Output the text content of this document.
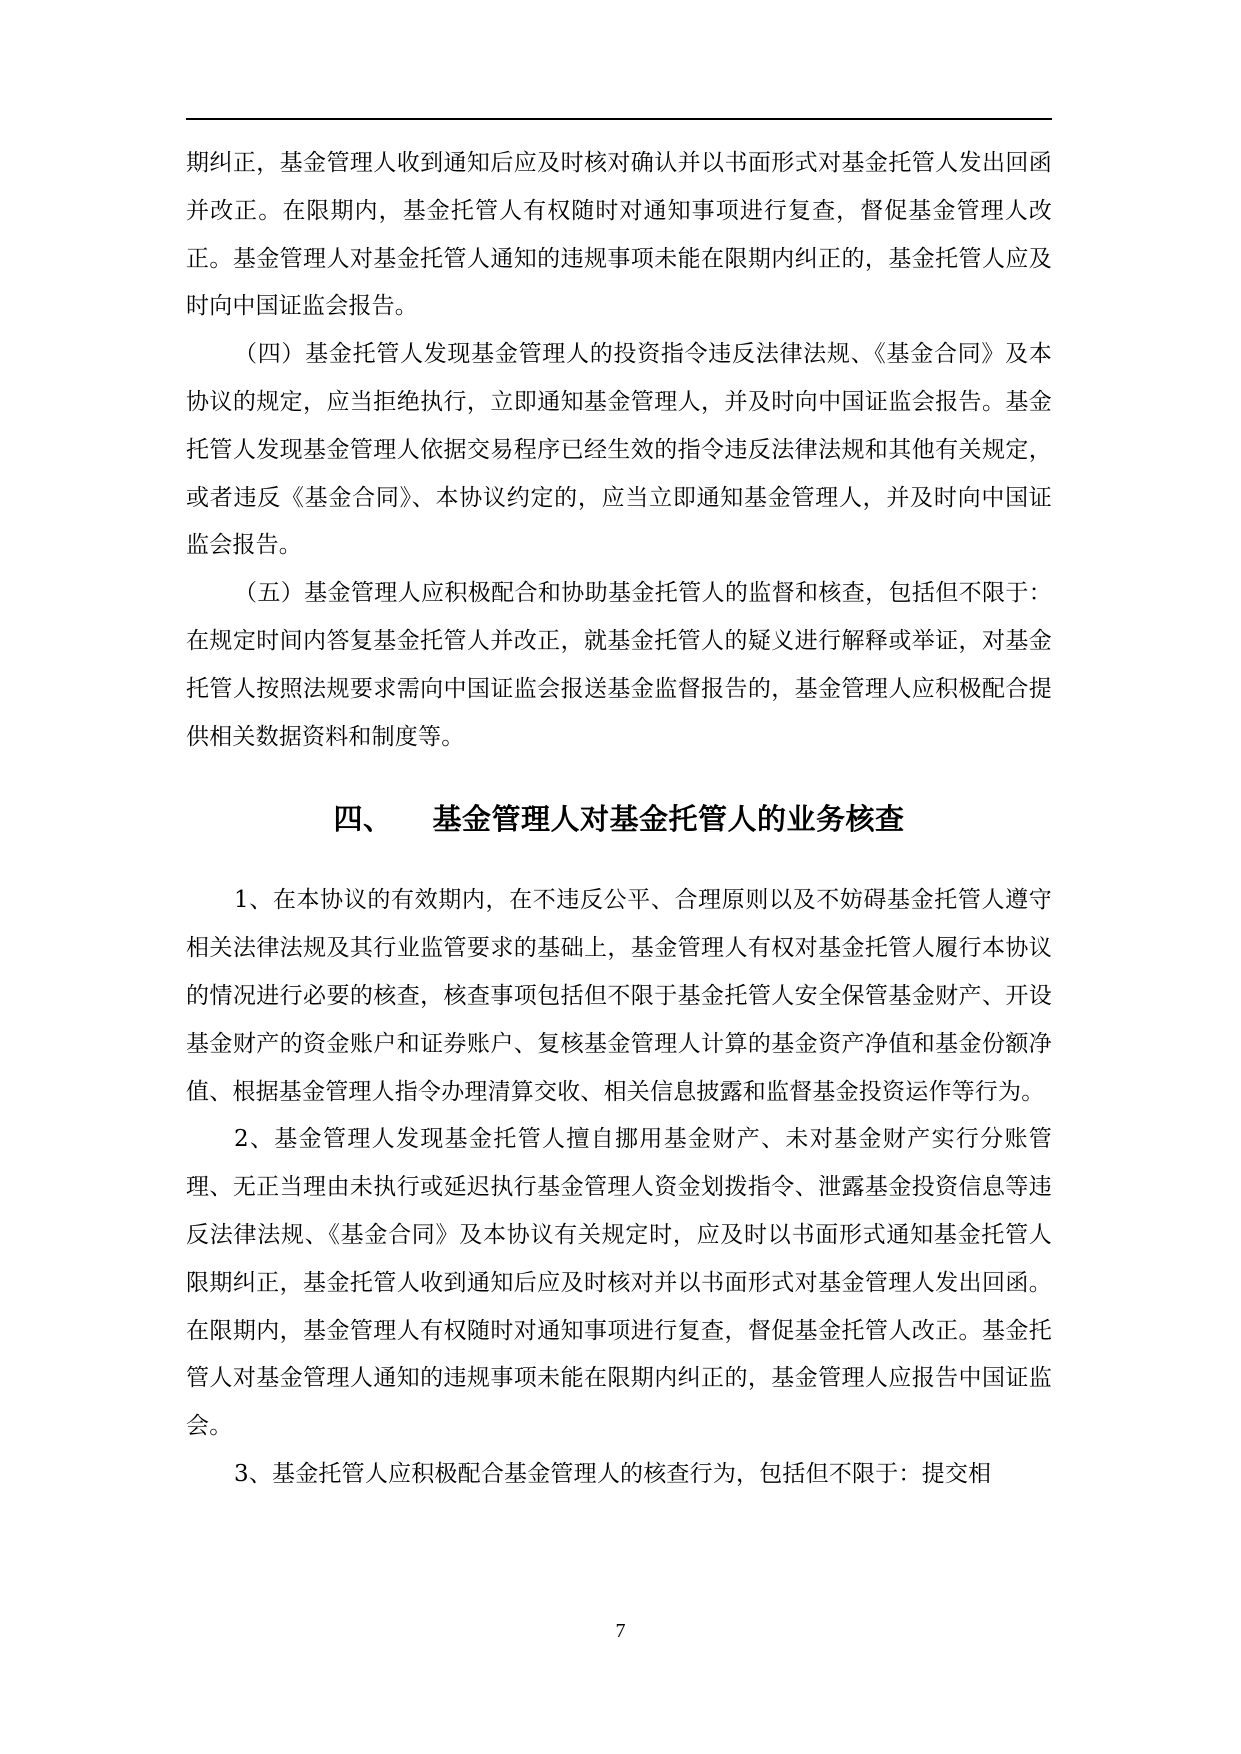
期纠正，基金管理人收到通知后应及时核对确认并以书面形式对基金托管人发出回函并改正。在限期内，基金托管人有权随时对通知事项进行复查，督促基金管理人改正。基金管理人对基金托管人通知的违规事项未能在限期内纠正的，基金托管人应及时向中国证监会报告。

（四）基金托管人发现基金管理人的投资指令违反法律法规、《基金合同》及本协议的规定，应当拒绝执行，立即通知基金管理人，并及时向中国证监会报告。基金托管人发现基金管理人依据交易程序已经生效的指令违反法律法规和其他有关规定，或者违反《基金合同》、本协议约定的，应当立即通知基金管理人，并及时向中国证监会报告。

（五）基金管理人应积极配合和协助基金托管人的监督和核查，包括但不限于：在规定时间内答复基金托管人并改正，就基金托管人的疑义进行解释或举证，对基金托管人按照法规要求需向中国证监会报送基金监督报告的，基金管理人应积极配合提供相关数据资料和制度等。

四、 基金管理人对基金托管人的业务核查

1、在本协议的有效期内，在不违反公平、合理原则以及不妨碍基金托管人遵守相关法律法规及其行业监管要求的基础上，基金管理人有权对基金托管人履行本协议的情况进行必要的核查，核查事项包括但不限于基金托管人安全保管基金财产、开设基金财产的资金账户和证券账户、复核基金管理人计算的基金资产净值和基金份额净值、根据基金管理人指令办理清算交收、相关信息披露和监督基金投资运作等行为。

2、基金管理人发现基金托管人擅自挪用基金财产、未对基金财产实行分账管理、无正当理由未执行或延迟执行基金管理人资金划拨指令、泄露基金投资信息等违反法律法规、《基金合同》及本协议有关规定时，应及时以书面形式通知基金托管人限期纠正，基金托管人收到通知后应及时核对并以书面形式对基金管理人发出回函。在限期内，基金管理人有权随时对通知事项进行复查，督促基金托管人改正。基金托管人对基金管理人通知的违规事项未能在限期内纠正的，基金管理人应报告中国证监会。

3、基金托管人应积极配合基金管理人的核查行为，包括但不限于：提交相

7
